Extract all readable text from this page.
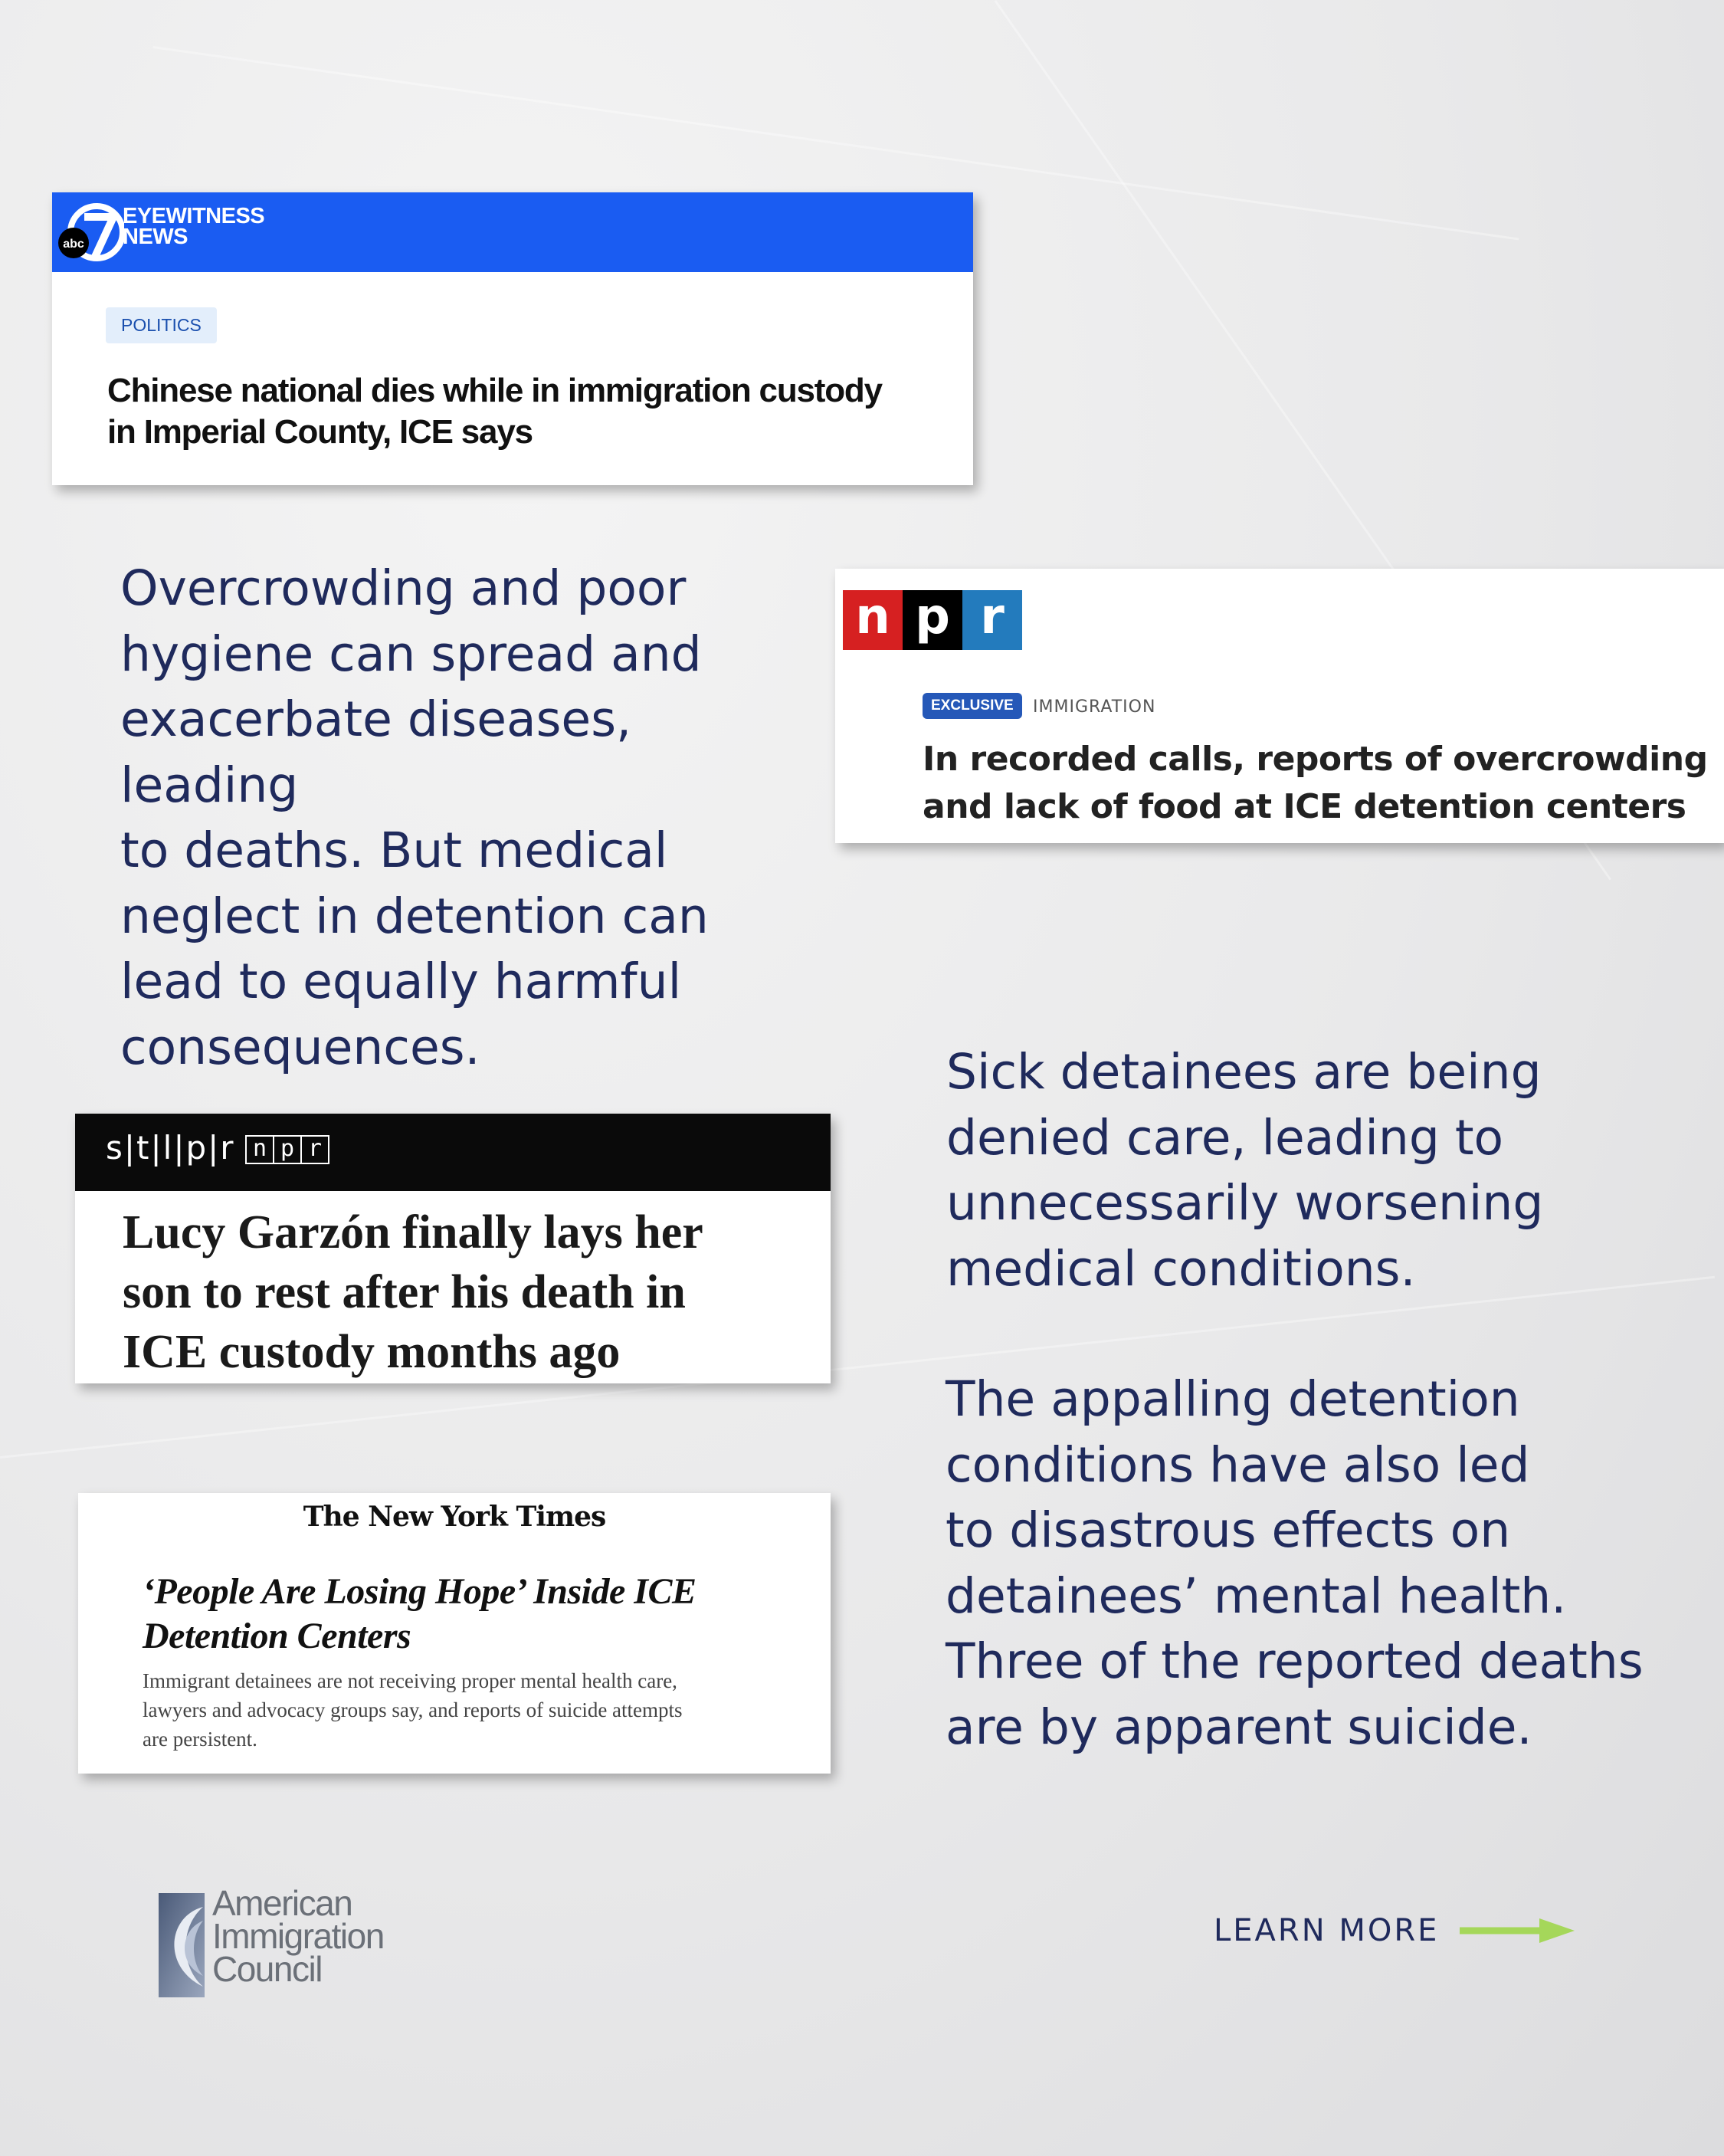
abc
EYEWITNESS
NEWS
POLITICS
Chinese national dies while in immigration custody
in Imperial County, ICE says
Overcrowding and poor
hygiene can spread and
exacerbate diseases, leading
to deaths. But medical
neglect in detention can
lead to equally harmful
consequences.
n p r
EXCLUSIVE	IMMIGRATION
In recorded calls, reports of overcrowding
and lack of food at ICE detention centers
s|t|l|p|r n p r
Lucy Garzón finally lays her
son to rest after his death in
ICE custody months ago
Sick detainees are being
denied care, leading to
unnecessarily worsening
medical conditions.
The New York Times
‘People Are Losing Hope’ Inside ICE
Detention Centers
Immigrant detainees are not receiving proper mental health care,
lawyers and advocacy groups say, and reports of suicide attempts
are persistent.
The appalling detention
conditions have also led
to disastrous effects on
detainees’ mental health.
Three of the reported deaths
are by apparent suicide.
American
Immigration
Council
LEARN MORE
